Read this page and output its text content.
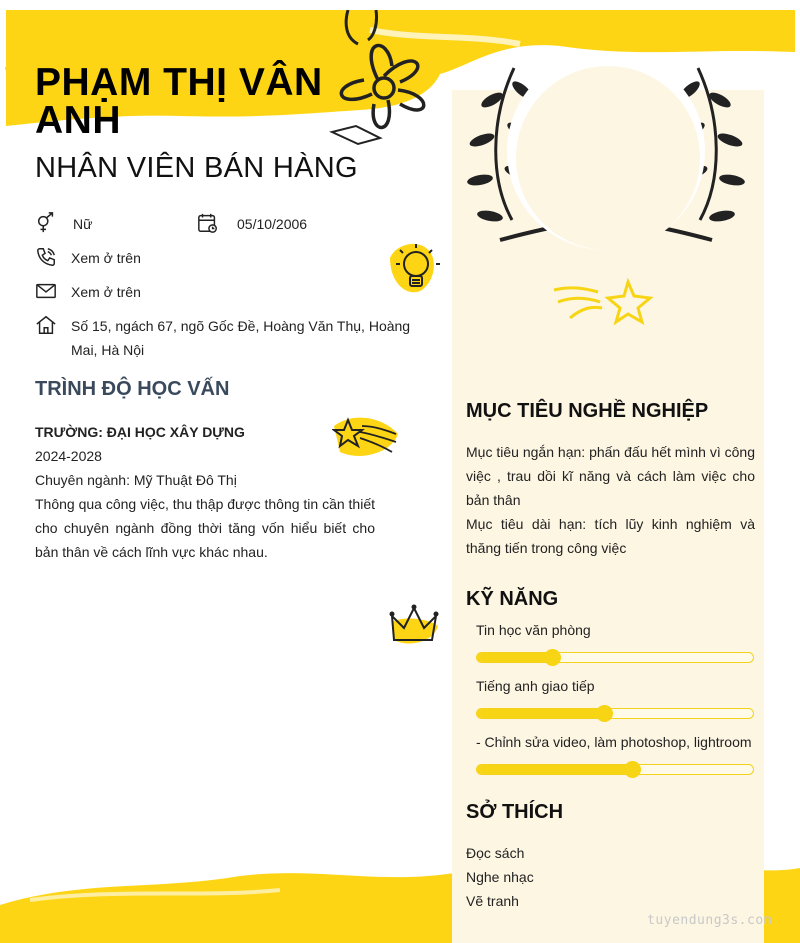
PHẠM THỊ VÂN ANH
NHÂN VIÊN BÁN HÀNG
Nữ	05/10/2006
Xem ở trên
Xem ở trên
Số 15, ngách 67, ngõ Gốc Đề, Hoàng Văn Thụ, Hoàng Mai, Hà Nội
TRÌNH ĐỘ HỌC VẤN
TRƯỜNG: ĐẠI HỌC XÂY DỰNG
2024-2028
Chuyên ngành: Mỹ Thuật Đô Thị
Thông qua công việc, thu thập được thông tin cần thiết cho chuyên ngành đồng thời tăng vốn hiểu biết cho bản thân về cách lĩnh vực khác nhau.
MỤC TIÊU NGHỀ NGHIỆP
Mục tiêu ngắn hạn: phấn đấu hết mình vì công việc , trau dồi kĩ năng và cách làm việc cho bản thân
Mục tiêu dài hạn: tích lũy kinh nghiệm và thăng tiến trong công việc
KỸ NĂNG
Tin học văn phòng
Tiếng anh giao tiếp
- Chỉnh sửa video, làm photoshop, lightroom
SỞ THÍCH
Đọc sách
Nghe nhạc
Vẽ tranh
tuyendung3s.com
